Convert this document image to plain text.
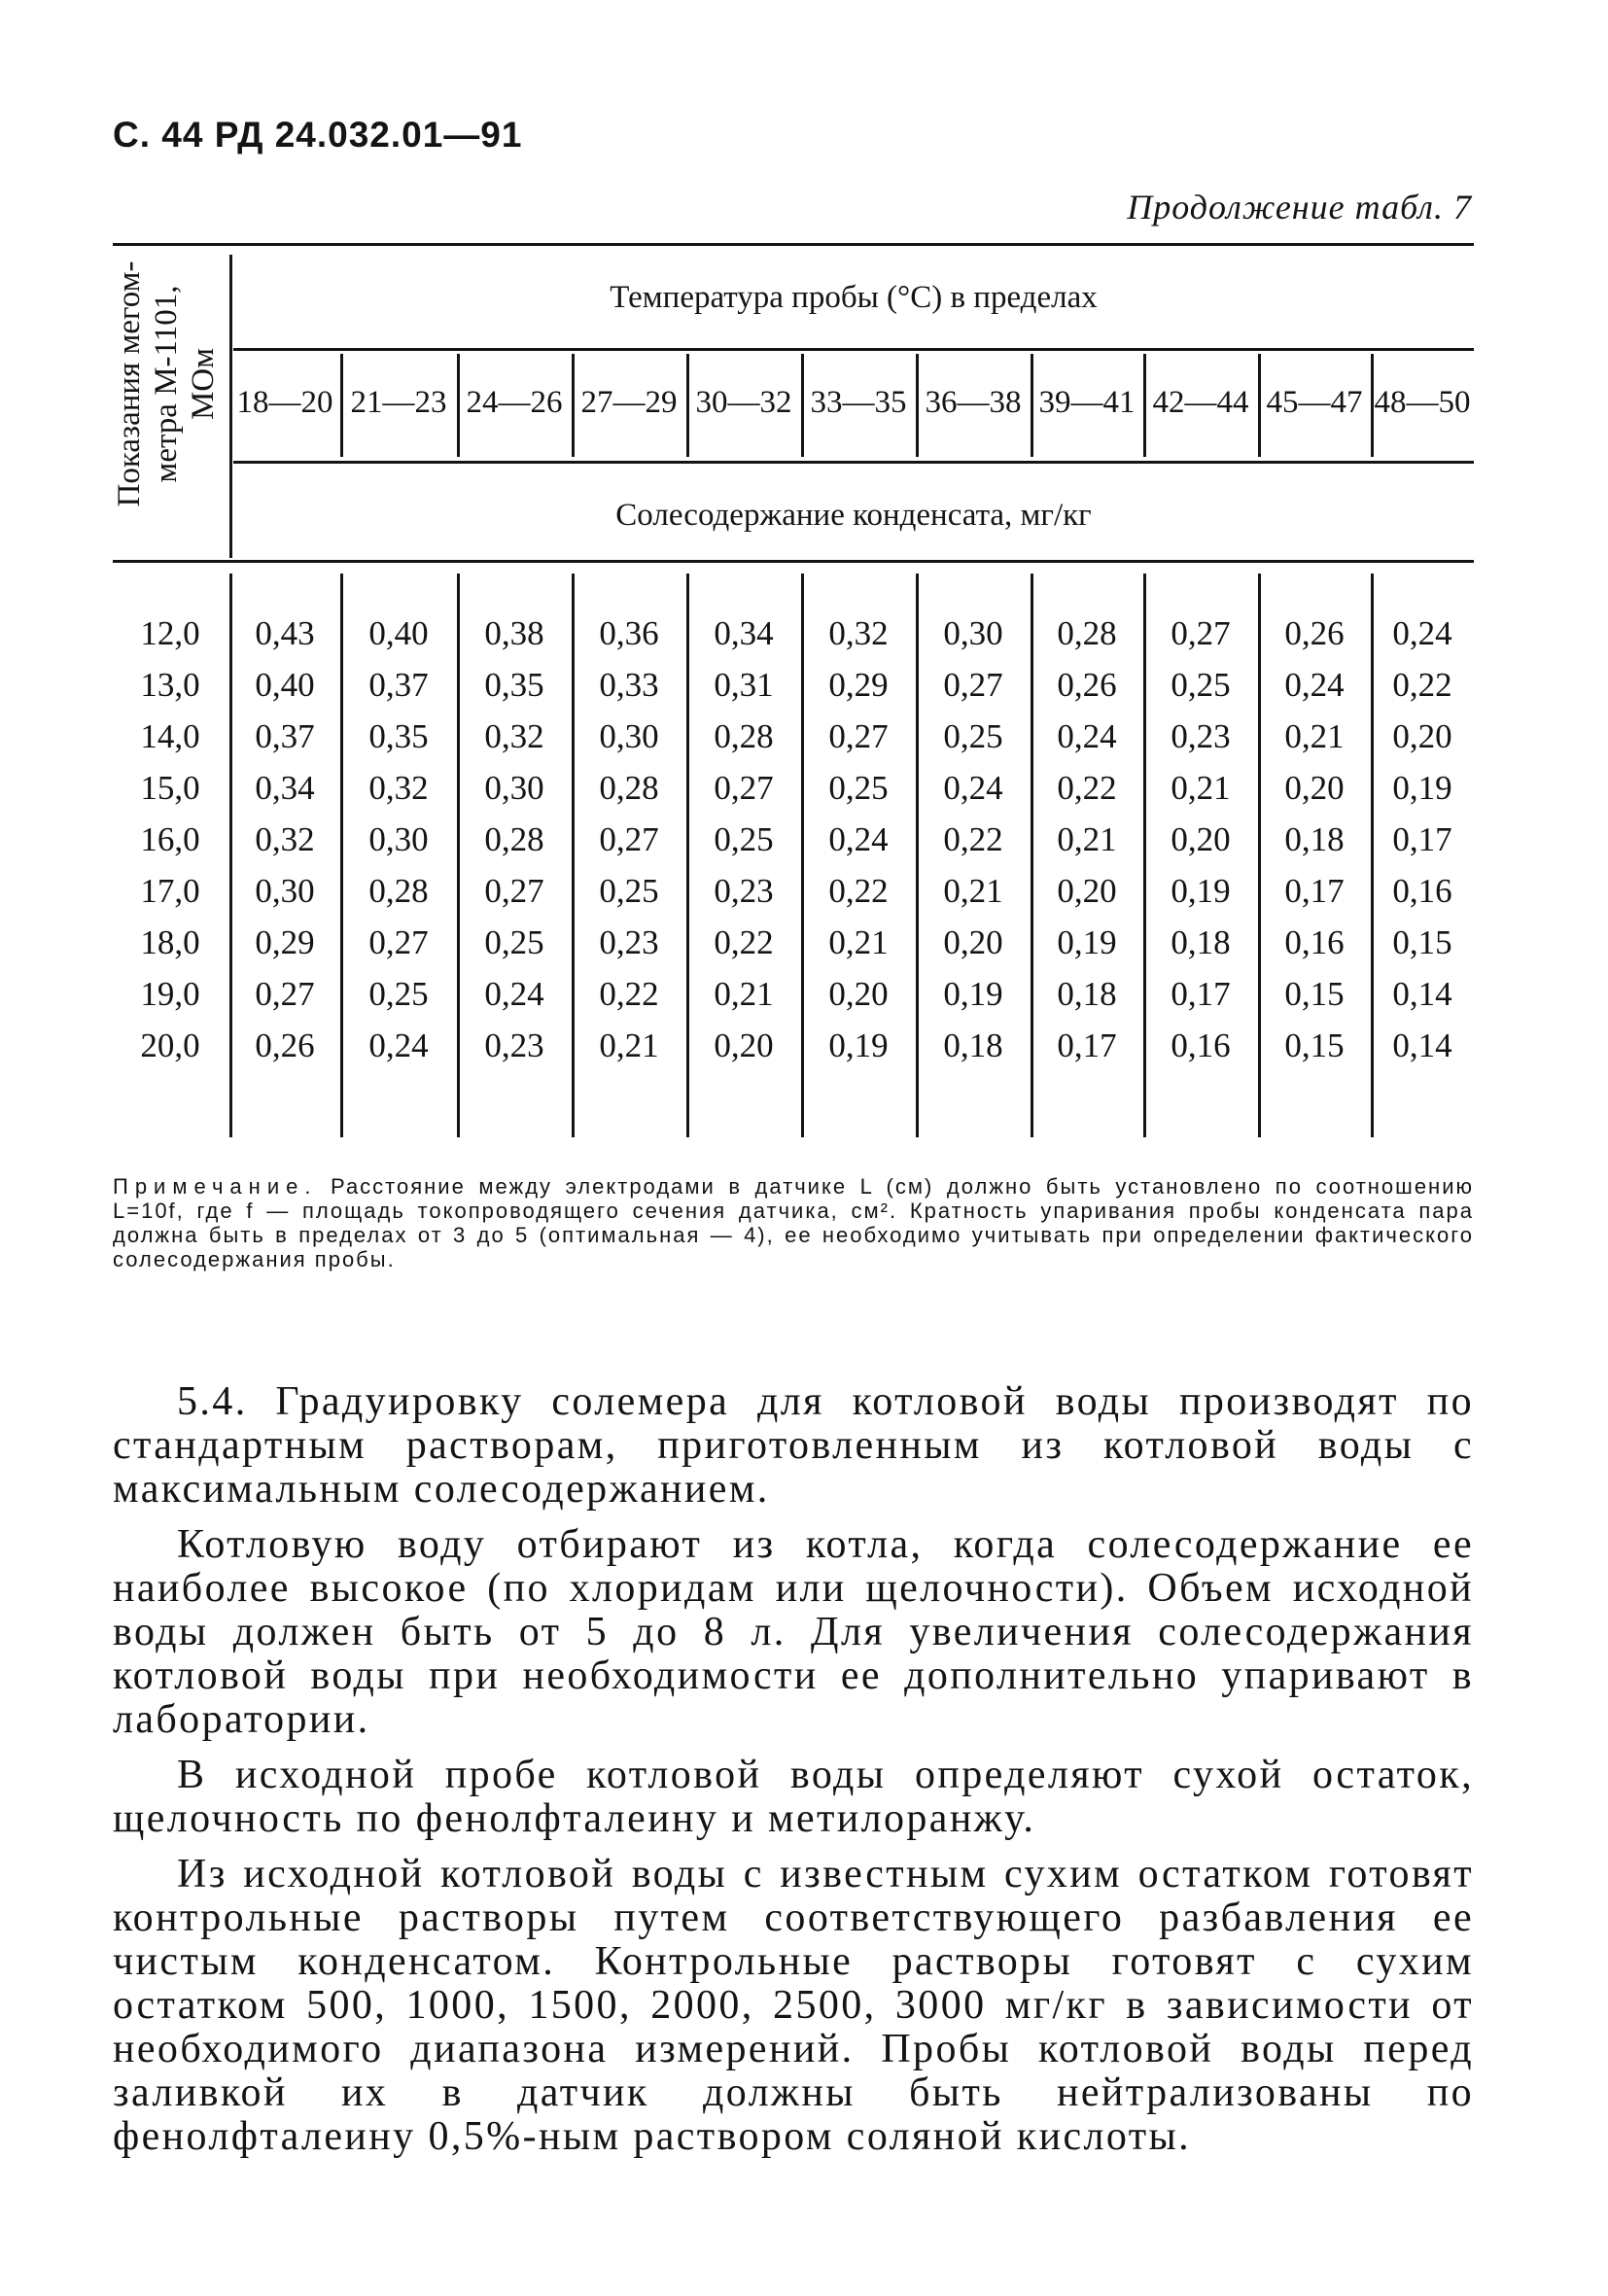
С. 44 РД 24.032.01—91
Продолжение табл. 7
Показания мегом- метра М-1101, МОм
Температура пробы (°С) в пределах
Солесодержание конденсата, мг/кг
18—20 21—23 24—26 27—29 30—32 33—35 36—38 39—41 42—44 45—47 48—50
12,0	0,43	0,40	0,38	0,36	0,34	0,32	0,30	0,28	0,27	0,26	0,24
13,0	0,40	0,37	0,35	0,33	0,31	0,29	0,27	0,26	0,25	0,24	0,22
14,0	0,37	0,35	0,32	0,30	0,28	0,27	0,25	0,24	0,23	0,21	0,20
15,0	0,34	0,32	0,30	0,28	0,27	0,25	0,24	0,22	0,21	0,20	0,19
16,0	0,32	0,30	0,28	0,27	0,25	0,24	0,22	0,21	0,20	0,18	0,17
17,0	0,30	0,28	0,27	0,25	0,23	0,22	0,21	0,20	0,19	0,17	0,16
18,0	0,29	0,27	0,25	0,23	0,22	0,21	0,20	0,19	0,18	0,16	0,15
19,0	0,27	0,25	0,24	0,22	0,21	0,20	0,19	0,18	0,17	0,15	0,14
20,0	0,26	0,24	0,23	0,21	0,20	0,19	0,18	0,17	0,16	0,15	0,14
Примечание. Расстояние между электродами в датчике L (см) должно быть установлено по соотношению L=10f, где f — площадь токопроводящего сечения датчика, см². Кратность упаривания пробы конденсата пара должна быть в пределах от 3 до 5 (оптимальная — 4), ее необходимо учитывать при определении фактического солесодержания пробы.

5.4. Градуировку солемера для котловой воды производят по стандартным растворам, приготовленным из котловой воды с максимальным солесодержанием.

Котловую воду отбирают из котла, когда солесодержание ее наиболее высокое (по хлоридам или щелочности). Объем исходной воды должен быть от 5 до 8 л. Для увеличения солесодержания котловой воды при необходимости ее дополнительно упаривают в лаборатории.

В исходной пробе котловой воды определяют сухой остаток, щелочность по фенолфталеину и метилоранжу.

Из исходной котловой воды с известным сухим остатком готовят контрольные растворы путем соответствующего разбавления ее чистым конденсатом. Контрольные растворы готовят с сухим остатком 500, 1000, 1500, 2000, 2500, 3000 мг/кг в зависимости от необходимого диапазона измерений. Пробы котловой воды перед заливкой их в датчик должны быть нейтрализованы по фенолфталеину 0,5%-ным раствором соляной кислоты.
